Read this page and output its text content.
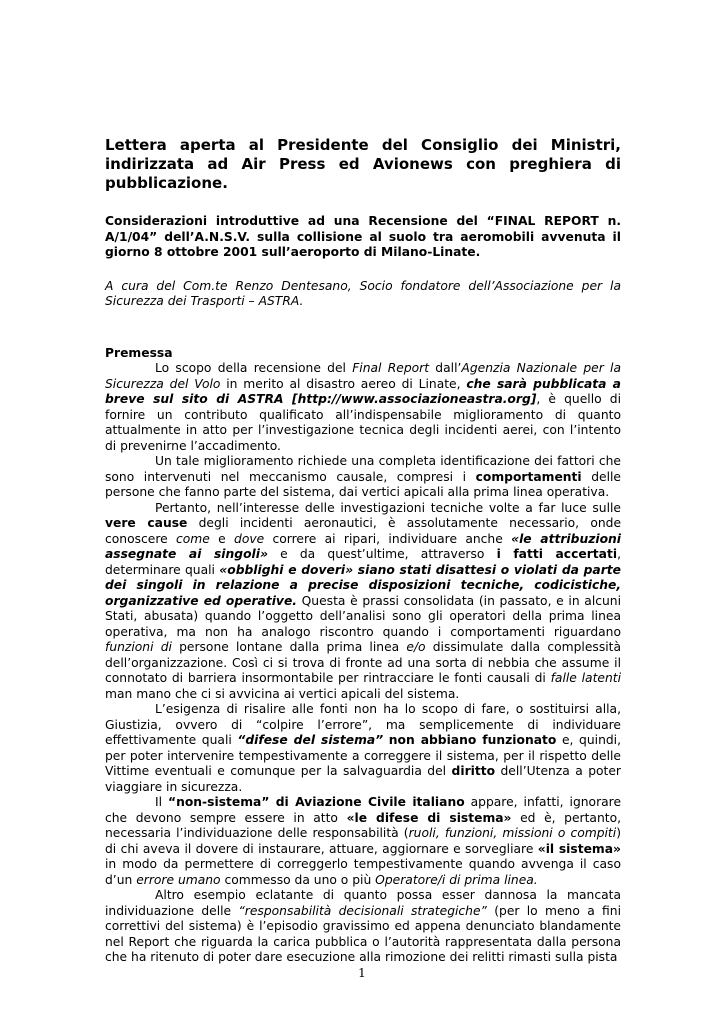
Lettera aperta al Presidente del Consiglio dei Ministri, indirizzata ad Air Press ed Avionews con preghiera di pubblicazione.
Considerazioni introduttive ad una Recensione del “FINAL REPORT n. A/1/04” dell’A.N.S.V. sulla collisione al suolo tra aeromobili avvenuta il giorno 8 ottobre 2001 sull’aeroporto di Milano-Linate.
A cura del Com.te Renzo Dentesano, Socio fondatore dell’Associazione per la Sicurezza dei Trasporti – ASTRA.
Premessa

Lo scopo della recensione del Final Report dall’Agenzia Nazionale per la Sicurezza del Volo in merito al disastro aereo di Linate, che sarà pubblicata a breve sul sito di ASTRA [http://www.associazioneastra.org], è quello di fornire un contributo qualificato all’indispensabile miglioramento di quanto attualmente in atto per l’investigazione tecnica degli incidenti aerei, con l’intento di prevenirne l’accadimento.

Un tale miglioramento richiede una completa identificazione dei fattori che sono intervenuti nel meccanismo causale, compresi i comportamenti delle persone che fanno parte del sistema, dai vertici apicali alla prima linea operativa.

Pertanto, nell’interesse delle investigazioni tecniche volte a far luce sulle vere cause degli incidenti aeronautici, è assolutamente necessario, onde conoscere come e dove correre ai ripari, individuare anche «le attribuzioni assegnate ai singoli» e da quest’ultime, attraverso i fatti accertati, determinare quali «obblighi e doveri» siano stati disattesi o violati da parte dei singoli in relazione a precise disposizioni tecniche, codicistiche, organizzative ed operative. Questa è prassi consolidata (in passato, e in alcuni Stati, abusata) quando l’oggetto dell’analisi sono gli operatori della prima linea operativa, ma non ha analogo riscontro quando i comportamenti riguardano funzioni di persone lontane dalla prima linea e/o dissimulate dalla complessità dell’organizzazione. Così ci si trova di fronte ad una sorta di nebbia che assume il connotato di barriera insormontabile per rintracciare le fonti causali di falle latenti man mano che ci si avvicina ai vertici apicali del sistema.

L’esigenza di risalire alle fonti non ha lo scopo di fare, o sostituirsi alla, Giustizia, ovvero di “colpire l’errore”, ma semplicemente di individuare effettivamente quali “difese del sistema” non abbiano funzionato e, quindi, per poter intervenire tempestivamente a correggere il sistema, per il rispetto delle Vittime eventuali e comunque per la salvaguardia del diritto dell’Utenza a poter viaggiare in sicurezza.

Il “non-sistema” di Aviazione Civile italiano appare, infatti, ignorare che devono sempre essere in atto «le difese di sistema» ed è, pertanto, necessaria l’individuazione delle responsabilità (ruoli, funzioni, missioni o compiti) di chi aveva il dovere di instaurare, attuare, aggiornare e sorvegliare «il sistema» in modo da permettere di correggerlo tempestivamente quando avvenga il caso d’un errore umano commesso da uno o più Operatore/i di prima linea.

Altro esempio eclatante di quanto possa esser dannosa la mancata individuazione delle “responsabilità decisionali strategiche” (per lo meno a fini correttivi del sistema) è l’episodio gravissimo ed appena denunciato blandamente nel Report che riguarda la carica pubblica o l’autorità rappresentata dalla persona che ha ritenuto di poter dare esecuzione alla rimozione dei relitti rimasti sulla pista

1
